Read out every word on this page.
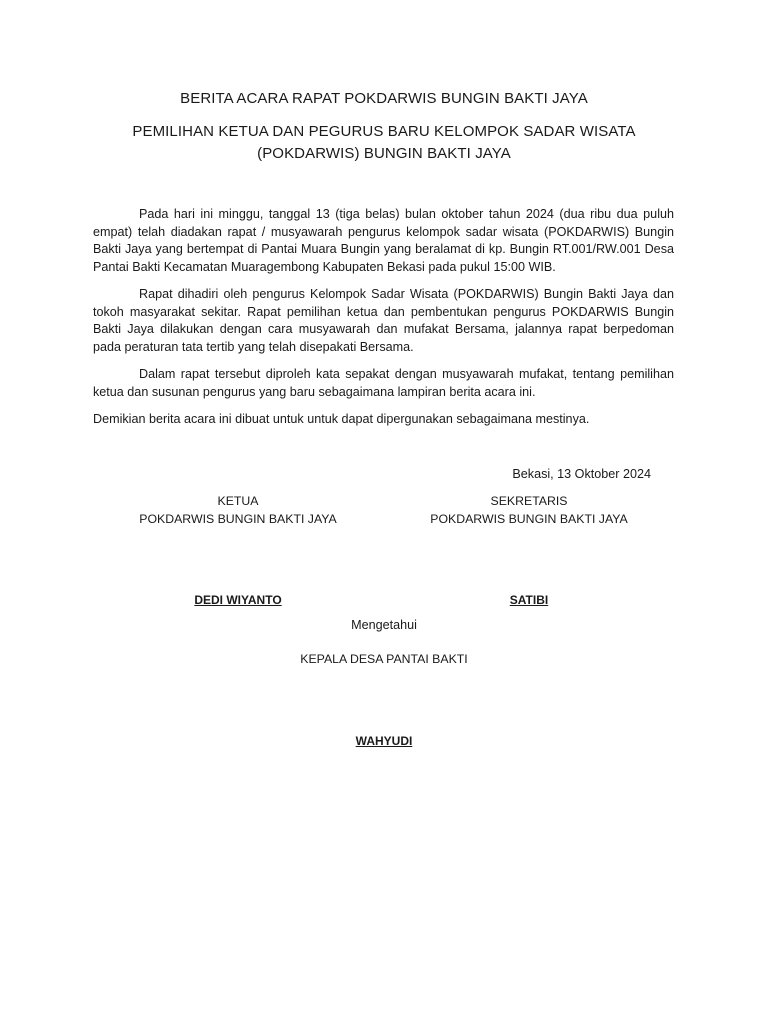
BERITA ACARA RAPAT POKDARWIS BUNGIN BAKTI JAYA
PEMILIHAN KETUA DAN PEGURUS BARU KELOMPOK SADAR WISATA
(POKDARWIS) BUNGIN BAKTI JAYA

Pada hari ini minggu, tanggal 13 (tiga belas) bulan oktober tahun 2024 (dua ribu dua puluh empat) telah diadakan rapat / musyawarah pengurus kelompok sadar wisata (POKDARWIS) Bungin Bakti Jaya yang bertempat di Pantai Muara Bungin yang beralamat di kp. Bungin RT.001/RW.001 Desa Pantai Bakti Kecamatan Muaragembong Kabupaten Bekasi pada pukul 15:00 WIB.

Rapat dihadiri oleh pengurus Kelompok Sadar Wisata (POKDARWIS) Bungin Bakti Jaya dan tokoh masyarakat sekitar. Rapat pemilihan ketua dan pembentukan pengurus POKDARWIS Bungin Bakti Jaya dilakukan dengan cara musyawarah dan mufakat Bersama, jalannya rapat berpedoman pada peraturan tata tertib yang telah disepakati Bersama.

Dalam rapat tersebut diproleh kata sepakat dengan musyawarah mufakat, tentang pemilihan ketua dan susunan pengurus yang baru sebagaimana lampiran berita acara ini.

Demikian berita acara ini dibuat untuk untuk dapat dipergunakan sebagaimana mestinya.

Bekasi, 13 Oktober 2024
KETUA
POKDARWIS BUNGIN BAKTI JAYA
SEKRETARIS
POKDARWIS BUNGIN BAKTI JAYA
DEDI WIYANTO	SATIBI
Mengetahui
KEPALA DESA PANTAI BAKTI
WAHYUDI
